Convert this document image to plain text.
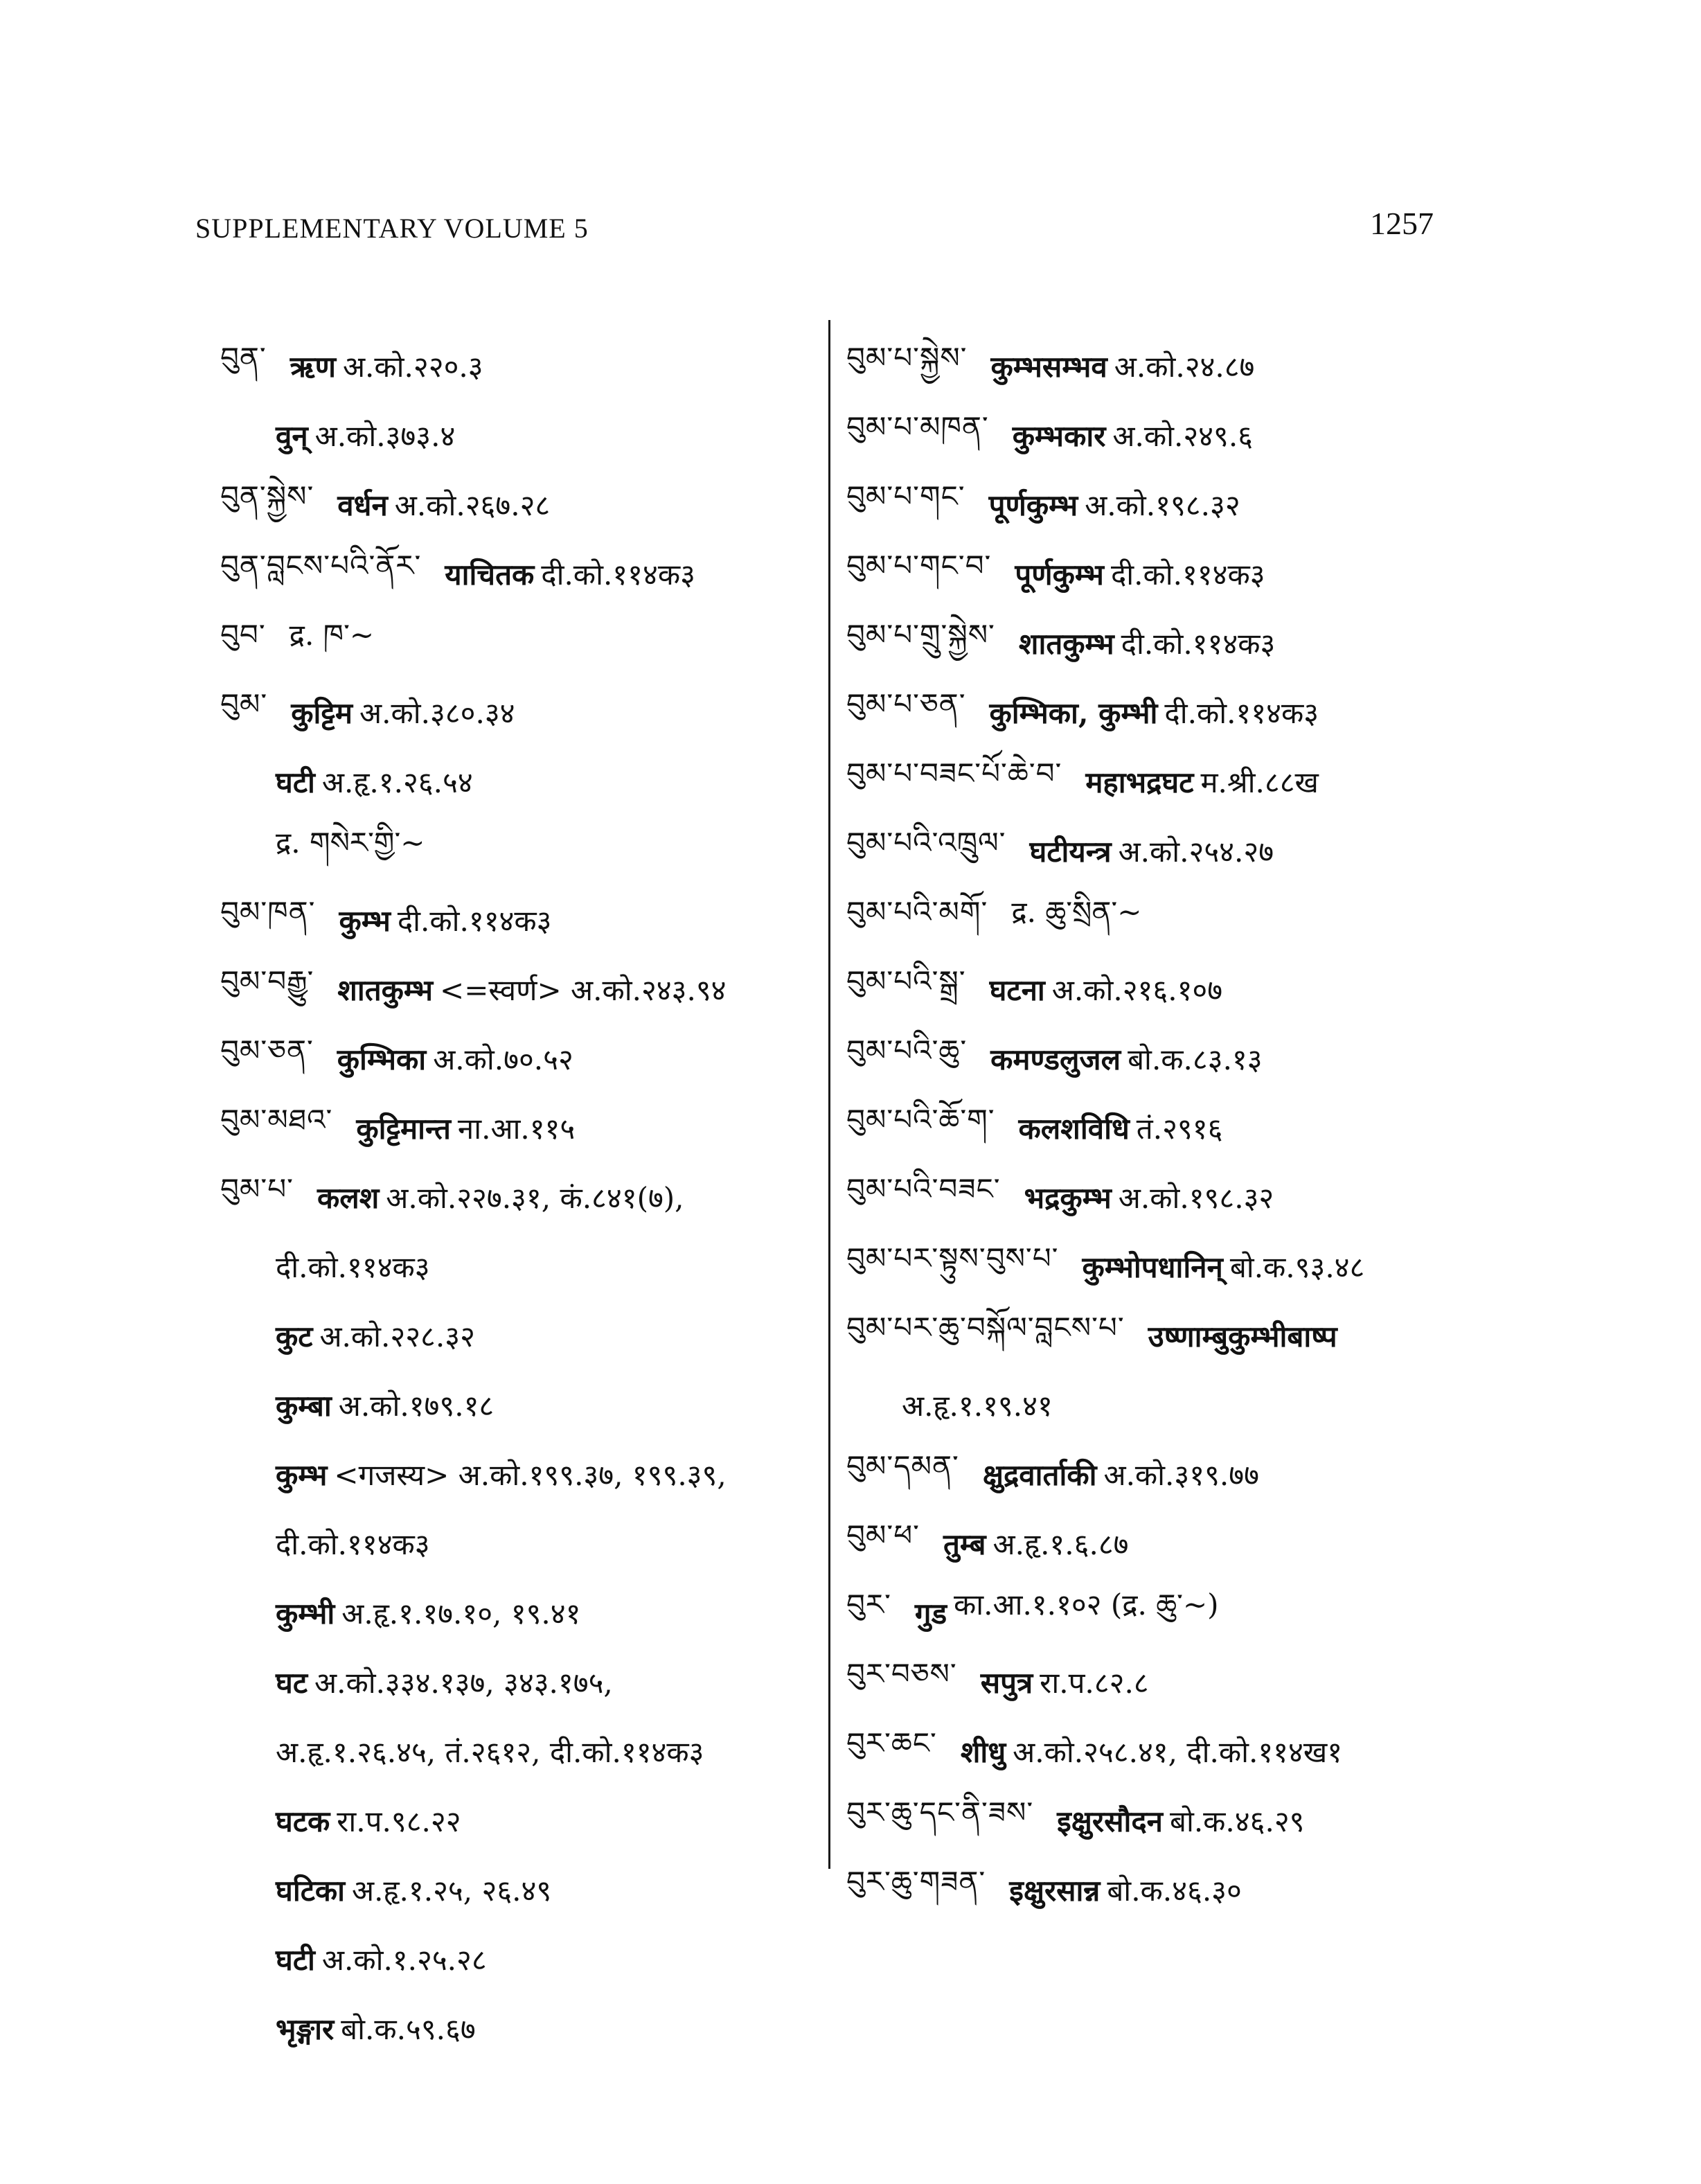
SUPPLEMENTARY VOLUME 5	1257
བུན་ ऋण अ.को.२२०.३
वुन् अ.को.३७३.४
བུན་སྐྱེས་ वर्धन अ.को.२६७.२८
བུན་བླངས་པའི་ནོར་ याचितक दी.को.११४क३
བུབ་ द्र. ཁ་~
བུམ་ कुट्टिम अ.को.३८०.३४
घटी अ.हृ.१.२६.५४
द्र. གསེར་གྱི་~
བུམ་ཁན་ कुम्भ दी.को.११४क३
བུམ་བརྒྱུ་ शातकुम्भ <=स्वर्ण> अ.को.२४३.९४
བུམ་ཅན་ कुम्भिका अ.को.७०.५२
བུམ་མཐའ་ कुट्टिमान्त ना.आ.११५
བུམ་པ་ कलश अ.को.२२७.३१, कं.८४१(७),
दी.को.११४क३
कुट अ.को.२२८.३२
कुम्बा अ.को.१७९.१८
कुम्भ <गजस्य> अ.को.१९९.३७, १९९.३९,
दी.को.११४क३
कुम्भी अ.हृ.१.१७.१०, १९.४१
घट अ.को.३३४.१३७, ३४३.१७५,
अ.हृ.१.२६.४५, तं.२६१२, दी.को.११४क३
घटक रा.प.९८.२२
घटिका अ.हृ.१.२५, २६.४९
घटी अ.को.१.२५.२८
भृङ्गार बो.क.५९.६७
བུམ་པ་སྐྱེས་ कुम्भसम्भव अ.को.२४.८७
བུམ་པ་མཁན་ कुम्भकार अ.को.२४९.६
བུམ་པ་གང་ पूर्णकुम्भ अ.को.१९८.३२
བུམ་པ་གང་བ་ पूर्णकुम्भ दी.को.११४क३
བུམ་པ་གྲུ་སྐྱེས་ शातकुम्भ दी.को.११४क३
བུམ་པ་ཅན་ कुम्भिका, कुम्भी दी.को.११४क३
བུམ་པ་བཟང་པོ་ཆེ་བ་ महाभद्रघट म.श्री.८८ख
བུམ་པའི་འཁྲུལ་ घटीयन्त्र अ.को.२५४.२७
བུམ་པའི་མགོ་ द्र. ཆུ་སྲིན་~
བུམ་པའི་སྒྲ་ घटना अ.को.२१६.१०७
བུམ་པའི་ཆུ་ कमण्डलुजल बो.क.८३.१३
བུམ་པའི་ཆོ་ག་ कलशविधि तं.२९१६
བུམ་པའི་བཟང་ भद्रकुम्भ अ.को.१९८.३२
བུམ་པར་སྟུས་བུས་པ་ कुम्भोपधानिन् बो.क.९३.४८
བུམ་པར་ཆུ་བསྐོལ་བླངས་པ་ उष्णाम्बुकुम्भीबाष्प
अ.हृ.१.१९.४१
བུམ་དམན་ क्षुद्रवार्ताकी अ.को.३१९.७७
བུམ་ཕ་ तुम्ब अ.हृ.१.६.८७
བུར་ गुड का.आ.१.१०२ (द्र. ཆུ་~)
བུར་བཅས་ सपुत्र रा.प.८२.८
བུར་ཆང་ शीधु अ.को.२५८.४१, दी.को.११४ख१
བུར་ཆུ་དང་ནི་ཟས་ इक्षुरसौदन बो.क.४६.२९
བུར་ཆུ་གཟན་ इक्षुरसान्न बो.क.४६.३०
